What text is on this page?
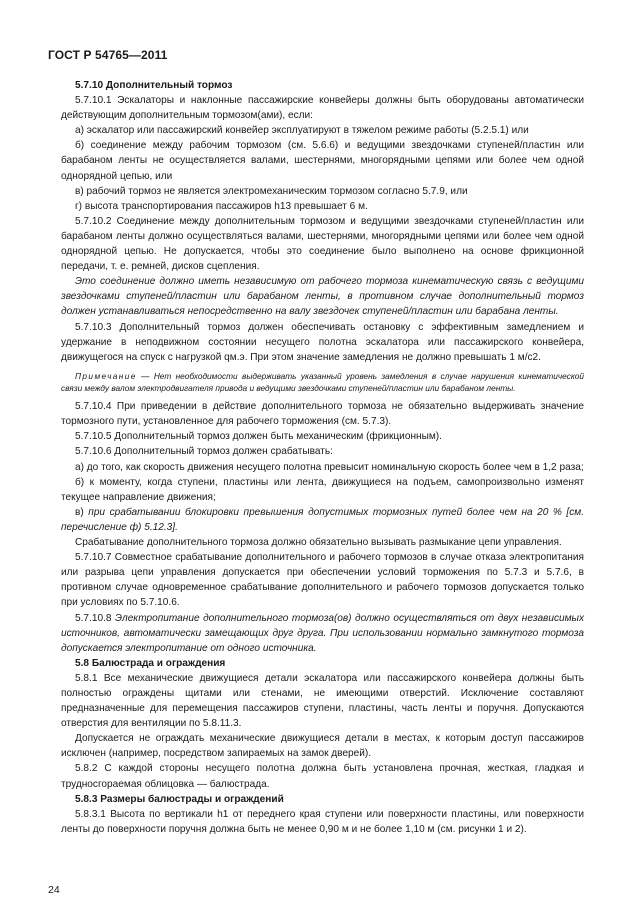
ГОСТ Р 54765—2011

5.7.10 Дополнительный тормоз

5.7.10.1 Эскалаторы и наклонные пассажирские конвейеры должны быть оборудованы автоматически действующим дополнительным тормозом(ами), если:

а) эскалатор или пассажирский конвейер эксплуатируют в тяжелом режиме работы (5.2.5.1) или

б) соединение между рабочим тормозом (см. 5.6.6) и ведущими звездочками ступеней/пластин или барабаном ленты не осуществляется валами, шестернями, многорядными цепями или более чем одной однорядной цепью, или

в) рабочий тормоз не является электромеханическим тормозом согласно 5.7.9, или

г) высота транспортирования пассажиров h13 превышает 6 м.

5.7.10.2 Соединение между дополнительным тормозом и ведущими звездочками ступеней/пластин или барабаном ленты должно осуществляться валами, шестернями, многорядными цепями или более чем одной однорядной цепью. Не допускается, чтобы это соединение было выполнено на основе фрикционной передачи, т. е. ремней, дисков сцепления.

Это соединение должно иметь независимую от рабочего тормоза кинематическую связь с ведущими звездочками ступеней/пластин или барабаном ленты, в противном случае дополнительный тормоз должен устанавливаться непосредственно на валу звездочек ступеней/пластин или барабана ленты.

5.7.10.3 Дополнительный тормоз должен обеспечивать остановку с эффективным замедлением и удержание в неподвижном состоянии несущего полотна эскалатора или пассажирского конвейера, движущегося на спуск с нагрузкой qм.э. При этом значение замедления не должно превышать 1 м/с2.

Примечание — Нет необходимости выдерживать указанный уровень замедления в случае нарушения кинематической связи между валом электродвигателя привода и ведущими звездочками ступеней/пластин или барабаном ленты.

5.7.10.4 При приведении в действие дополнительного тормоза не обязательно выдерживать значение тормозного пути, установленное для рабочего торможения (см. 5.7.3).

5.7.10.5 Дополнительный тормоз должен быть механическим (фрикционным).

5.7.10.6 Дополнительный тормоз должен срабатывать:

а) до того, как скорость движения несущего полотна превысит номинальную скорость более чем в 1,2 раза;

б) к моменту, когда ступени, пластины или лента, движущиеся на подъем, самопроизвольно изменят текущее направление движения;

в) при срабатывании блокировки превышения допустимых тормозных путей более чем на 20 % [см. перечисление ф) 5.12.3].

Срабатывание дополнительного тормоза должно обязательно вызывать размыкание цепи управления.

5.7.10.7 Совместное срабатывание дополнительного и рабочего тормозов в случае отказа электропитания или разрыва цепи управления допускается при обеспечении условий торможения по 5.7.3 и 5.7.6, в противном случае одновременное срабатывание дополнительного и рабочего тормозов допускается только при условиях по 5.7.10.6.

5.7.10.8 Электропитание дополнительного тормоза(ов) должно осуществляться от двух независимых источников, автоматически замещающих друг друга. При использовании нормально замкнутого тормоза допускается электропитание от одного источника.

5.8 Балюстрада и ограждения

5.8.1 Все механические движущиеся детали эскалатора или пассажирского конвейера должны быть полностью ограждены щитами или стенами, не имеющими отверстий. Исключение составляют предназначенные для перемещения пассажиров ступени, пластины, часть ленты и поручня. Допускаются отверстия для вентиляции по 5.8.11.3.

Допускается не ограждать механические движущиеся детали в местах, к которым доступ пассажиров исключен (например, посредством запираемых на замок дверей).

5.8.2 С каждой стороны несущего полотна должна быть установлена прочная, жесткая, гладкая и трудносгораемая облицовка — балюстрада.

5.8.3 Размеры балюстрады и ограждений

5.8.3.1 Высота по вертикали h1 от переднего края ступени или поверхности пластины, или поверхности ленты до поверхности поручня должна быть не менее 0,90 м и не более 1,10 м (см. рисунки 1 и 2).

24
